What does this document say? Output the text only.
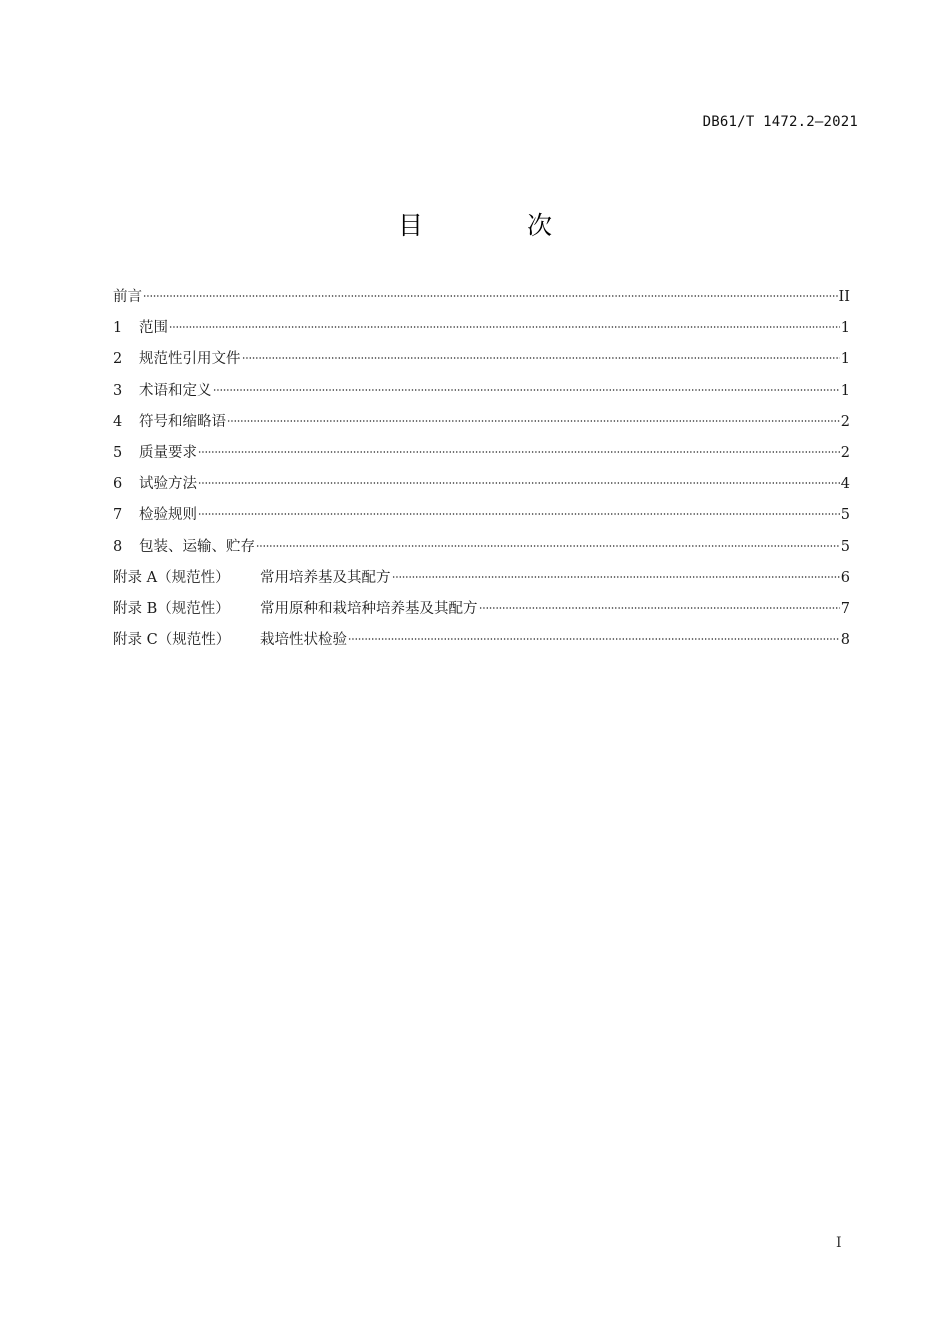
DB61/T 1472.2—2021
目 次
前言	II
1	范围	1
2	规范性引用文件	1
3	术语和定义	1
4	符号和缩略语	2
5	质量要求	2
6	试验方法	4
7	检验规则	5
8	包装、运输、贮存	5
附录 A（规范性）	常用培养基及其配方	6
附录 B（规范性）	常用原种和栽培种培养基及其配方	7
附录 C（规范性）	栽培性状检验	8
I
